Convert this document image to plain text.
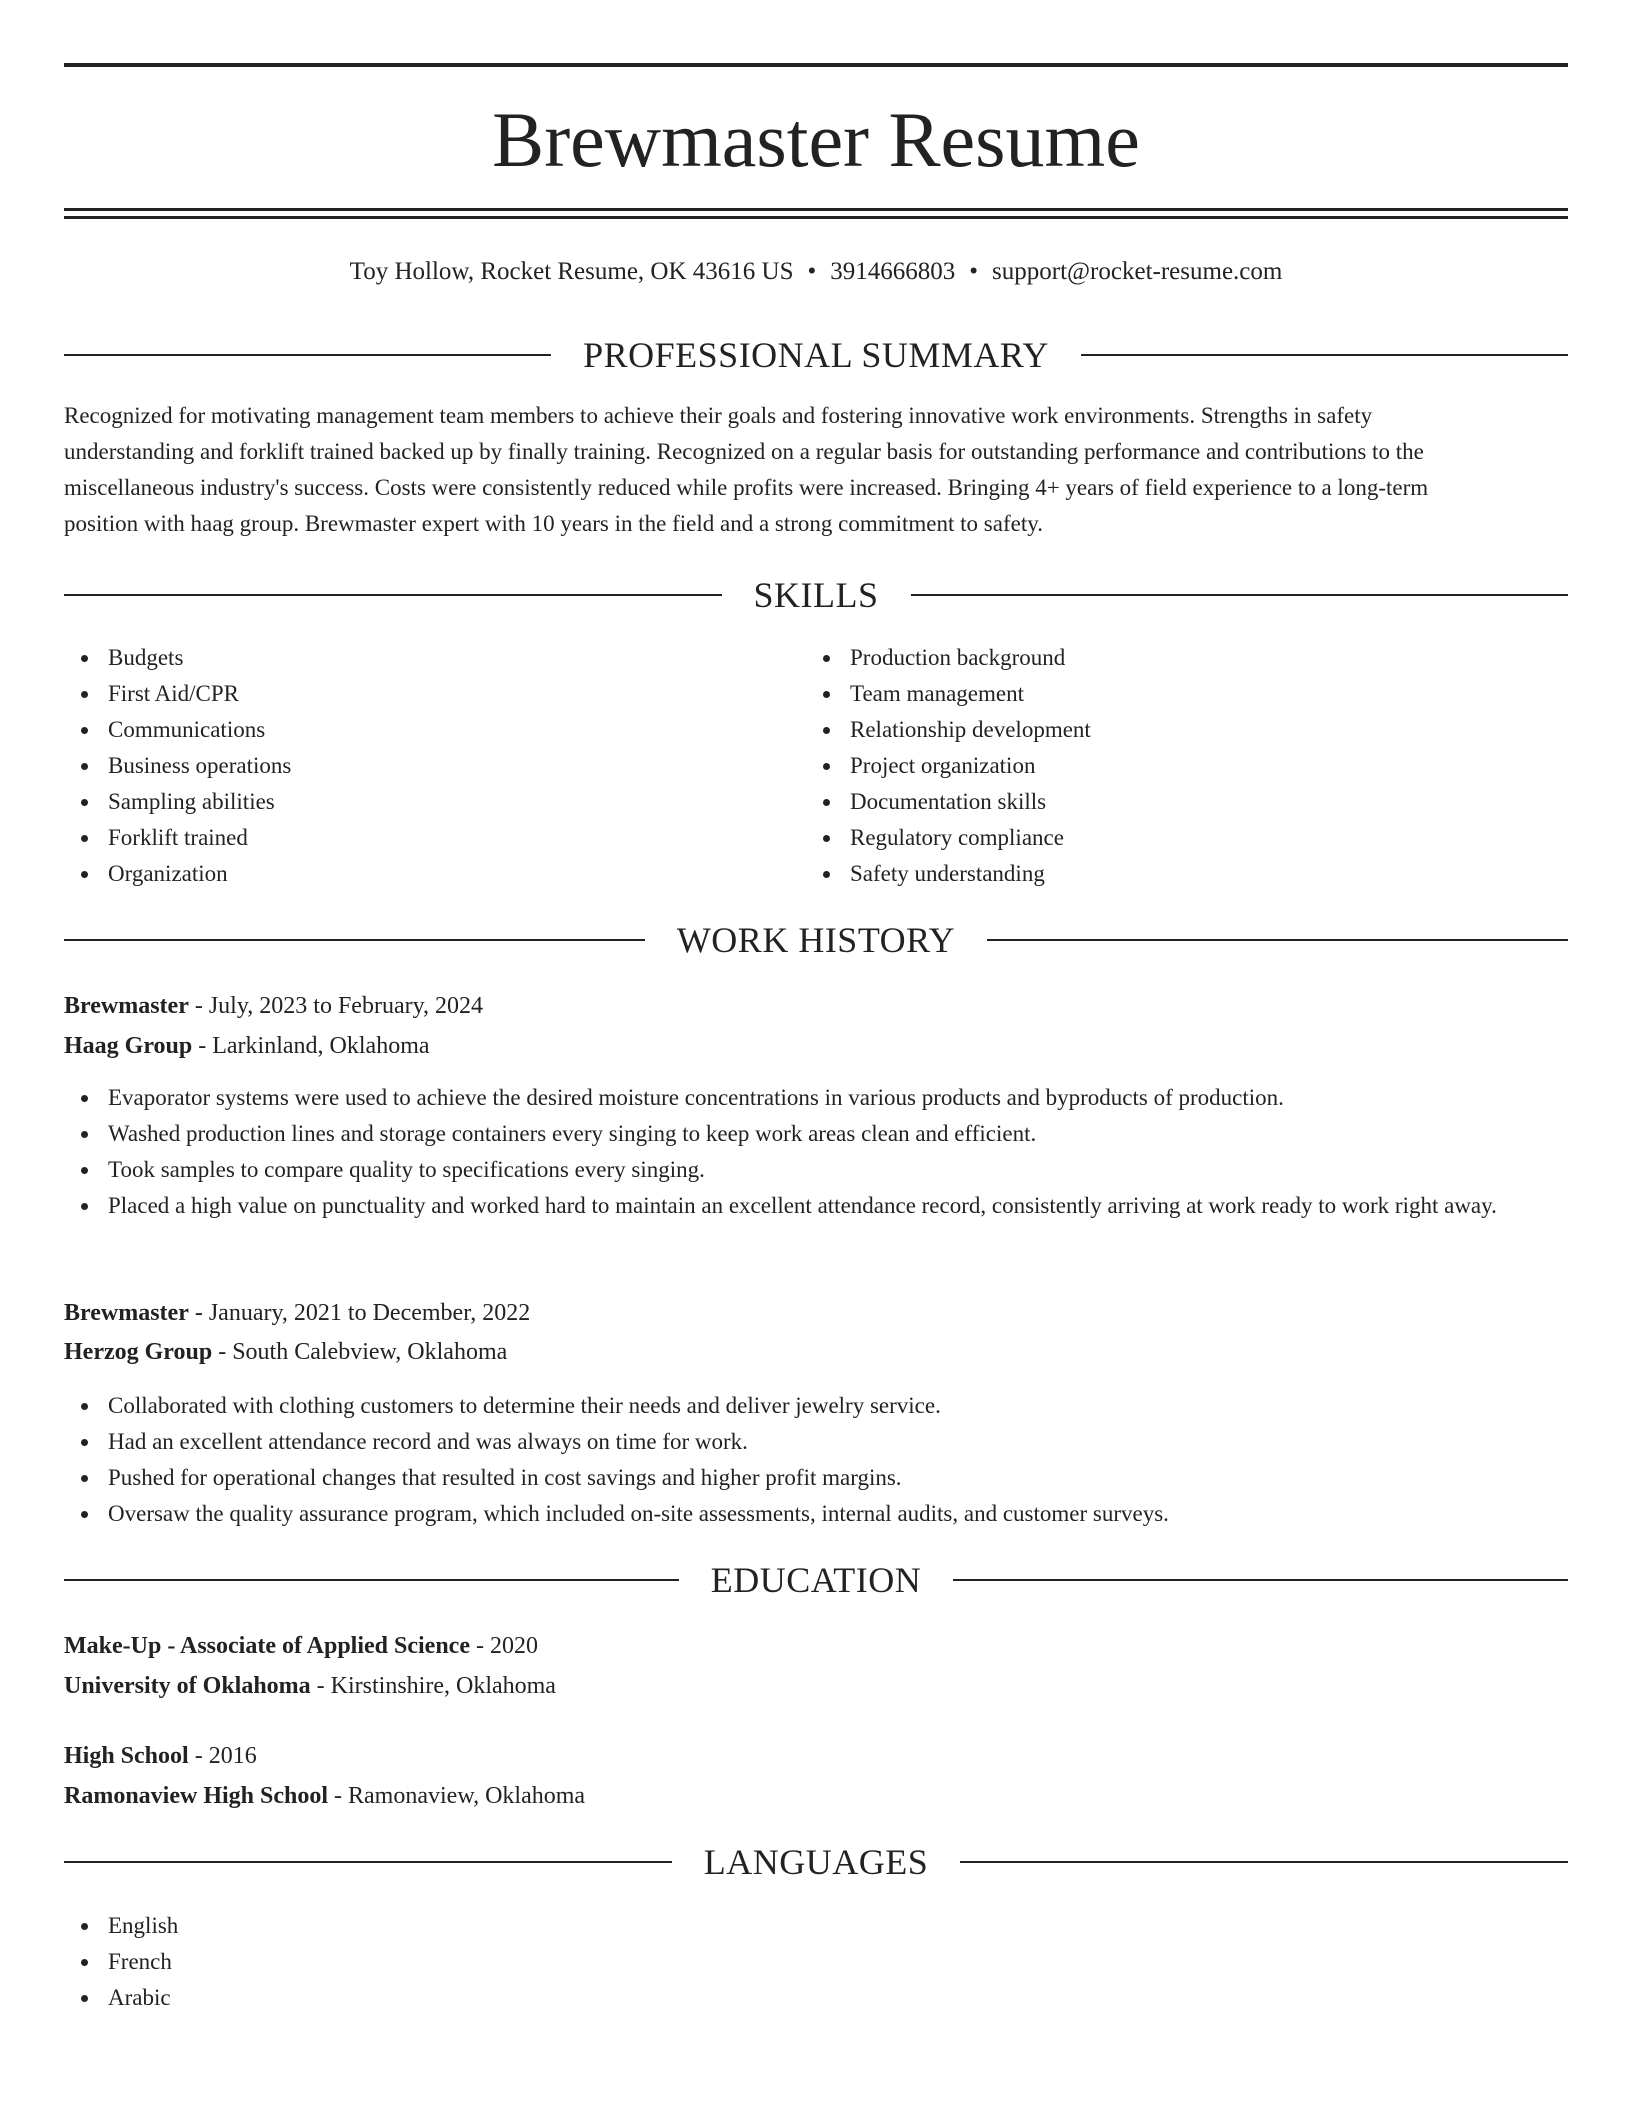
Brewmaster Resume
Toy Hollow, Rocket Resume, OK 43616 US • 3914666803 • support@rocket-resume.com
PROFESSIONAL SUMMARY
Recognized for motivating management team members to achieve their goals and fostering innovative work environments. Strengths in safety
understanding and forklift trained backed up by finally training. Recognized on a regular basis for outstanding performance and contributions to the
miscellaneous industry's success. Costs were consistently reduced while profits were increased. Bringing 4+ years of field experience to a long-term
position with haag group. Brewmaster expert with 10 years in the field and a strong commitment to safety.
SKILLS
Budgets
First Aid/CPR
Communications
Business operations
Sampling abilities
Forklift trained
Organization
Production background
Team management
Relationship development
Project organization
Documentation skills
Regulatory compliance
Safety understanding
WORK HISTORY
Brewmaster - July, 2023 to February, 2024
Haag Group - Larkinland, Oklahoma
Evaporator systems were used to achieve the desired moisture concentrations in various products and byproducts of production.
Washed production lines and storage containers every singing to keep work areas clean and efficient.
Took samples to compare quality to specifications every singing.
Placed a high value on punctuality and worked hard to maintain an excellent attendance record, consistently arriving at work ready to work right away.
Brewmaster - January, 2021 to December, 2022
Herzog Group - South Calebview, Oklahoma
Collaborated with clothing customers to determine their needs and deliver jewelry service.
Had an excellent attendance record and was always on time for work.
Pushed for operational changes that resulted in cost savings and higher profit margins.
Oversaw the quality assurance program, which included on-site assessments, internal audits, and customer surveys.
EDUCATION
Make-Up - Associate of Applied Science - 2020
University of Oklahoma - Kirstinshire, Oklahoma
High School - 2016
Ramonaview High School - Ramonaview, Oklahoma
LANGUAGES
English
French
Arabic
